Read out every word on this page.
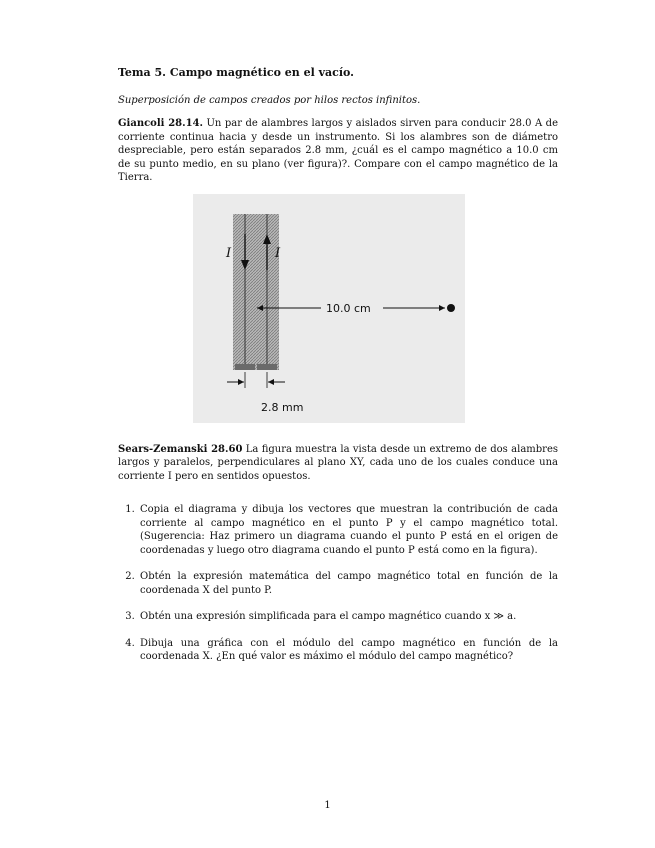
Tema 5. Campo magnético en el vacío.

Superposición de campos creados por hilos rectos infinitos.

Giancoli 28.14. Un par de alambres largos y aislados sirven para conducir 28.0 A de corriente continua hacia y desde un instrumento. Si los alambres son de diámetro despreciable, pero están separados 2.8 mm, ¿cuál es el campo magnético a 10.0 cm de su punto medio, en su plano (ver figura)?. Compare con el campo magnético de la Tierra.

I	I
10.0 cm
2.8 mm

Sears-Zemanski 28.60 La figura muestra la vista desde un extremo de dos alambres largos y paralelos, perpendiculares al plano XY, cada uno de los cuales conduce una corriente I pero en sentidos opuestos.

1. Copia el diagrama y dibuja los vectores que muestran la contribución de cada corriente al campo magnético en el punto P y el campo magnético total. (Sugerencia: Haz primero un diagrama cuando el punto P está en el origen de coordenadas y luego otro diagrama cuando el punto P está como en la figura).
2. Obtén la expresión matemática del campo magnético total en función de la coordenada X del punto P.
3. Obtén una expresión simplificada para el campo magnético cuando x ≫ a.
4. Dibuja una gráfica con el módulo del campo magnético en función de la coordenada X. ¿En qué valor es máximo el módulo del campo magnético?
1
